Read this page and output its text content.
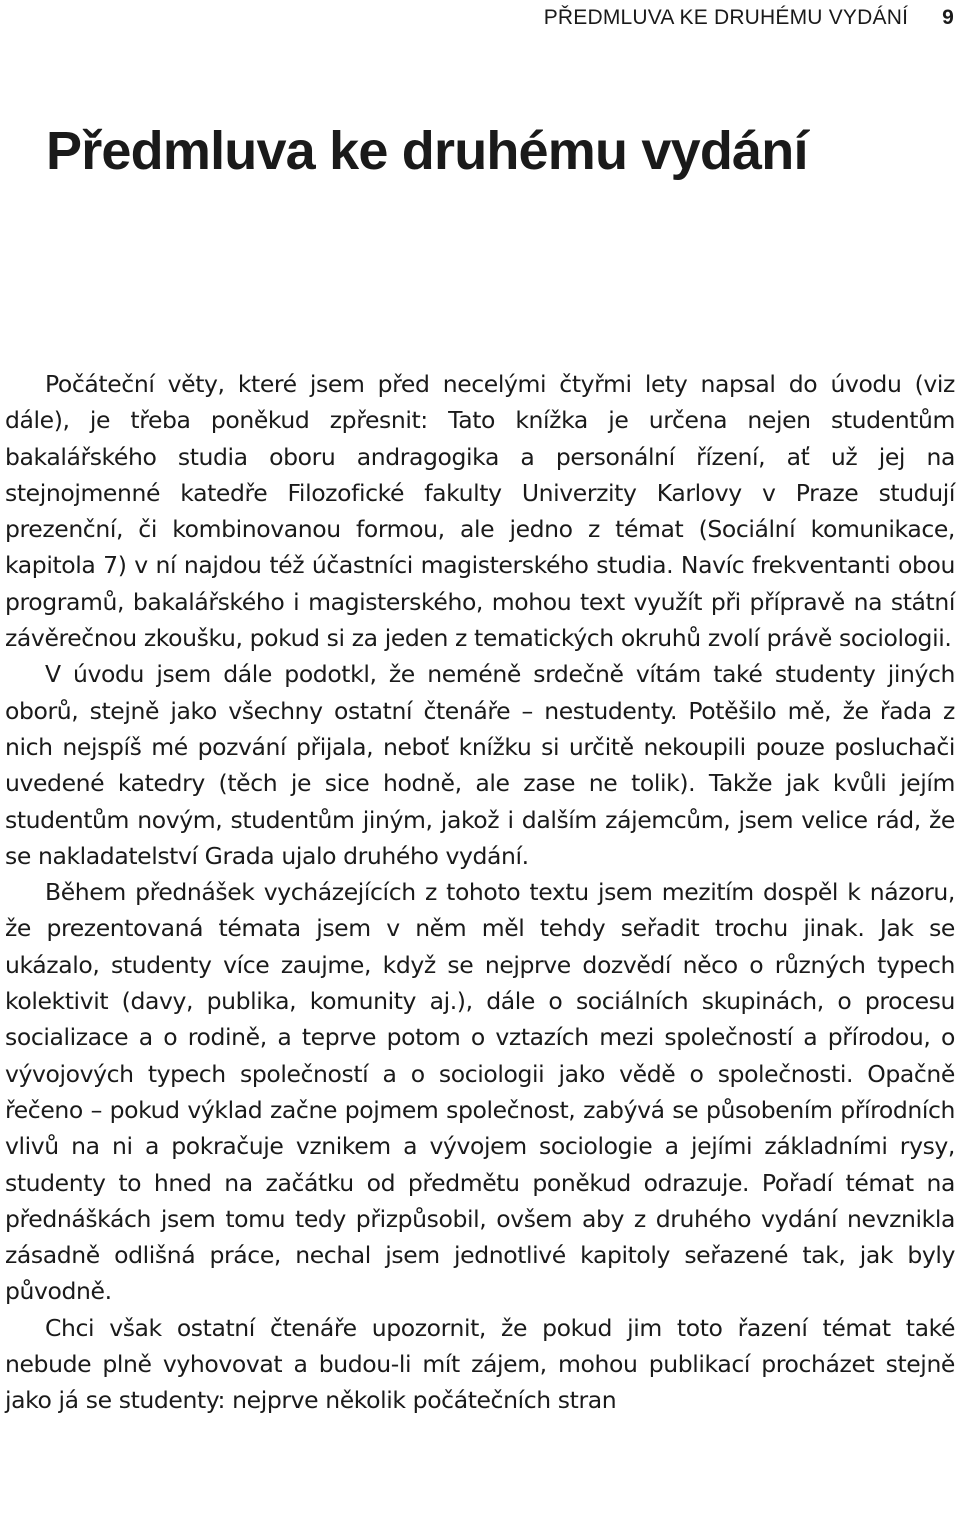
PŘEDMLUVA KE DRUHÉMU VYDÁNÍ 9
Předmluva ke druhému vydání

Počáteční věty, které jsem před necelými čtyřmi lety napsal do úvodu (viz dále), je třeba poněkud zpřesnit: Tato knížka je určena nejen studentům bakalářského studia oboru andragogika a personální řízení, ať už jej na stejnojmenné katedře Filozofické fakulty Univerzity Karlovy v Praze studují prezenční, či kombinovanou formou, ale jedno z témat (Sociální komunikace, kapitola 7) v ní najdou též účastníci magisterského studia. Navíc frekventanti obou programů, bakalářského i magisterského, mohou text využít při přípravě na státní závěrečnou zkoušku, pokud si za jeden z tematických okruhů zvolí právě sociologii.

V úvodu jsem dále podotkl, že neméně srdečně vítám také studenty jiných oborů, stejně jako všechny ostatní čtenáře – nestudenty. Potěšilo mě, že řada z nich nejspíš mé pozvání přijala, neboť knížku si určitě nekoupili pouze posluchači uvedené katedry (těch je sice hodně, ale zase ne tolik). Takže jak kvůli jejím studentům novým, studentům jiným, jakož i dalším zájemcům, jsem velice rád, že se nakladatelství Grada ujalo druhého vydání.

Během přednášek vycházejících z tohoto textu jsem mezitím dospěl k názoru, že prezentovaná témata jsem v něm měl tehdy seřadit trochu jinak. Jak se ukázalo, studenty více zaujme, když se nejprve dozvědí něco o různých typech kolektivit (davy, publika, komunity aj.), dále o sociálních skupinách, o procesu socializace a o rodině, a teprve potom o vztazích mezi společností a přírodou, o vývojových typech společností a o sociologii jako vědě o společnosti. Opačně řečeno – pokud výklad začne pojmem společnost, zabývá se působením přírodních vlivů na ni a pokračuje vznikem a vývojem sociologie a jejími základními rysy, studenty to hned na začátku od předmětu poněkud odrazuje. Pořadí témat na přednáškách jsem tomu tedy přizpůsobil, ovšem aby z druhého vydání nevznikla zásadně odlišná práce, nechal jsem jednotlivé kapitoly seřazené tak, jak byly původně.

Chci však ostatní čtenáře upozornit, že pokud jim toto řazení témat také nebude plně vyhovovat a budou-li mít zájem, mohou publikací procházet stejně jako já se studenty: nejprve několik počátečních stran
